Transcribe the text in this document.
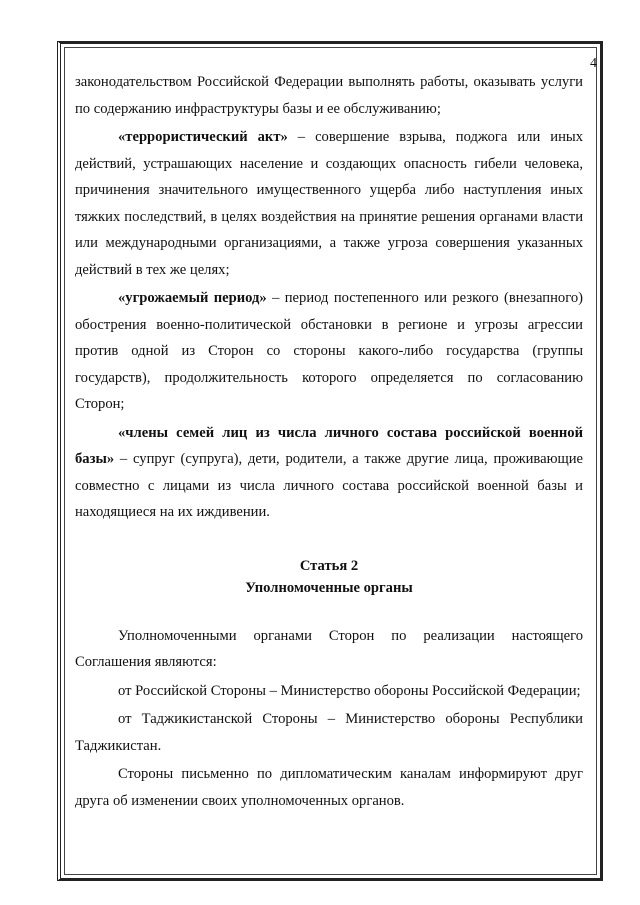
4

законодательством Российской Федерации выполнять работы, оказывать услуги по содержанию инфраструктуры базы и ее обслуживанию;

«террористический акт» – совершение взрыва, поджога или иных действий, устрашающих население и создающих опасность гибели человека, причинения значительного имущественного ущерба либо наступления иных тяжких последствий, в целях воздействия на принятие решения органами власти или международными организациями, а также угроза совершения указанных действий в тех же целях;

«угрожаемый период» – период постепенного или резкого (внезапного) обострения военно-политической обстановки в регионе и угрозы агрессии против одной из Сторон со стороны какого-либо государства (группы государств), продолжительность которого определяется по согласованию Сторон;

«члены семей лиц из числа личного состава российской военной базы» – супруг (супруга), дети, родители, а также другие лица, проживающие совместно с лицами из числа личного состава российской военной базы и находящиеся на их иждивении.

Статья 2
Уполномоченные органы

Уполномоченными органами Сторон по реализации настоящего Соглашения являются:

от Российской Стороны – Министерство обороны Российской Федерации;

от Таджикистанской Стороны – Министерство обороны Республики Таджикистан.

Стороны письменно по дипломатическим каналам информируют друг друга об изменении своих уполномоченных органов.
